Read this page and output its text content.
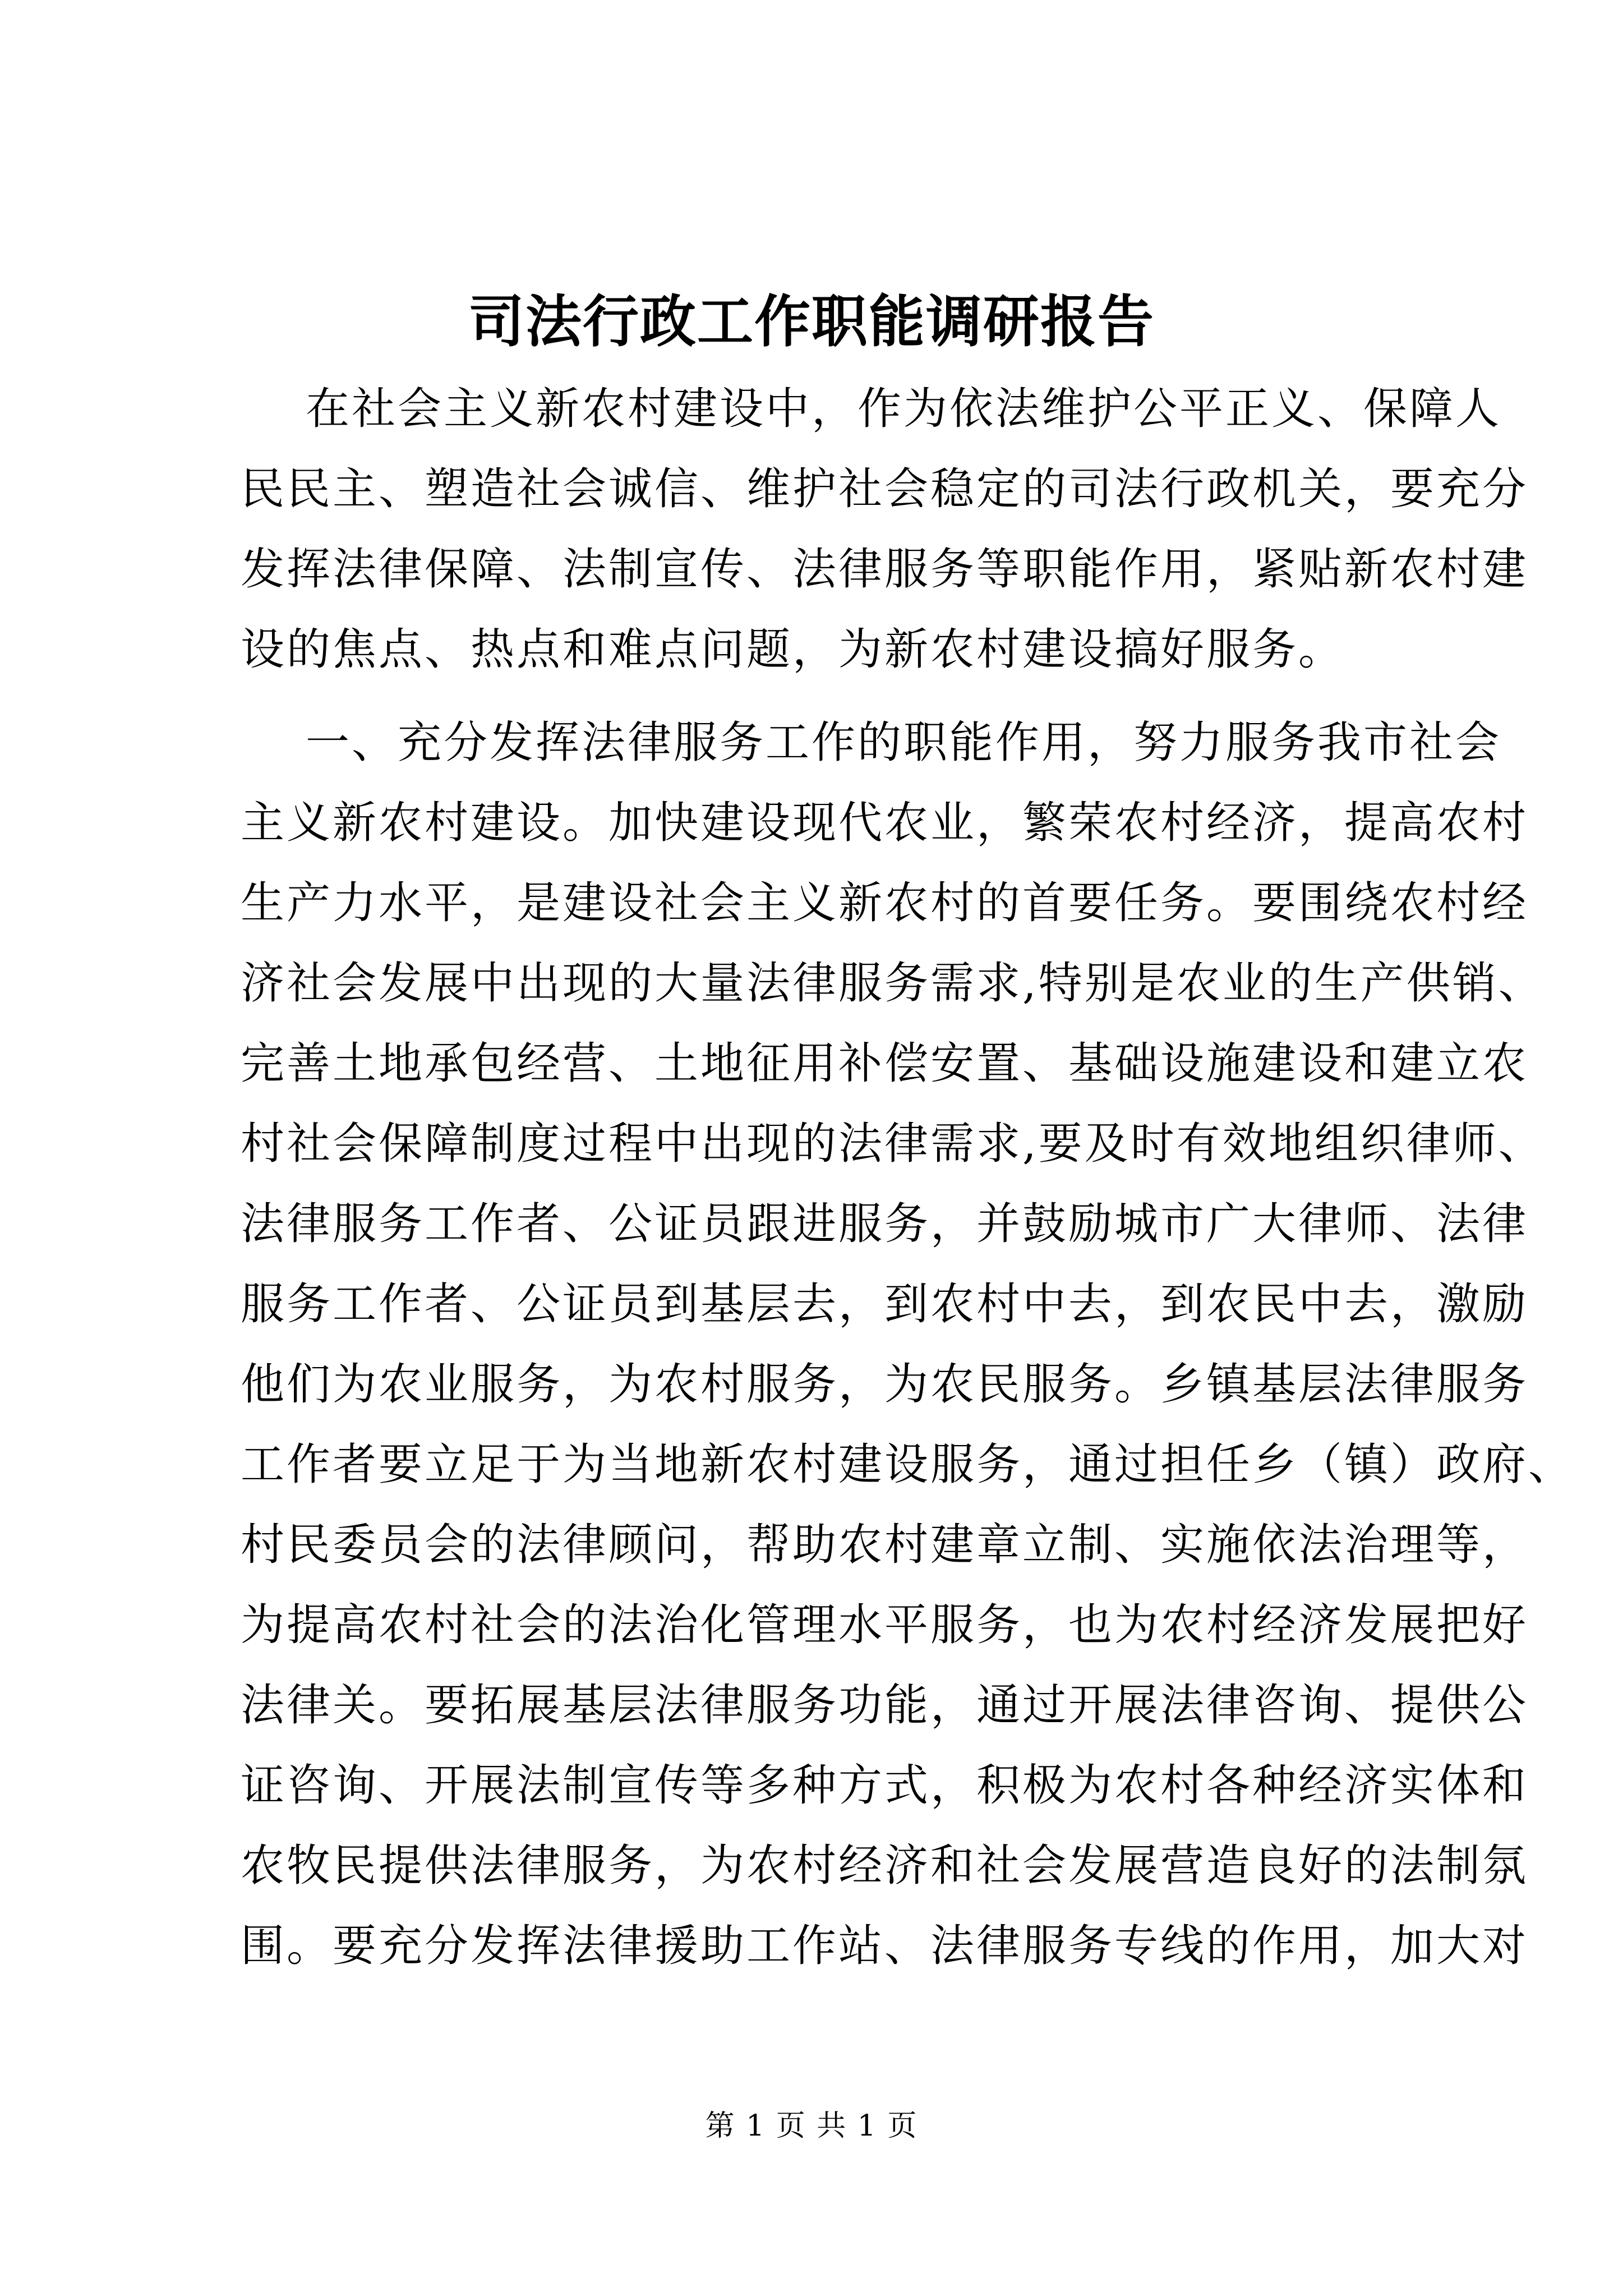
司法行政工作职能调研报告
在社会主义新农村建设中，作为依法维护公平正义、保障人
民民主、塑造社会诚信、维护社会稳定的司法行政机关，要充分
发挥法律保障、法制宣传、法律服务等职能作用，紧贴新农村建
设的焦点、热点和难点问题，为新农村建设搞好服务。
一、充分发挥法律服务工作的职能作用，努力服务我市社会
主义新农村建设。加快建设现代农业，繁荣农村经济，提高农村
生产力水平，是建设社会主义新农村的首要任务。要围绕农村经
济社会发展中出现的大量法律服务需求,特别是农业的生产供销、
完善土地承包经营、土地征用补偿安置、基础设施建设和建立农
村社会保障制度过程中出现的法律需求,要及时有效地组织律师、
法律服务工作者、公证员跟进服务，并鼓励城市广大律师、法律
服务工作者、公证员到基层去，到农村中去，到农民中去，激励
他们为农业服务，为农村服务，为农民服务。乡镇基层法律服务
工作者要立足于为当地新农村建设服务，通过担任乡（镇）政府、
村民委员会的法律顾问，帮助农村建章立制、实施依法治理等，
为提高农村社会的法治化管理水平服务，也为农村经济发展把好
法律关。要拓展基层法律服务功能，通过开展法律咨询、提供公
证咨询、开展法制宣传等多种方式，积极为农村各种经济实体和
农牧民提供法律服务，为农村经济和社会发展营造良好的法制氛
围。要充分发挥法律援助工作站、法律服务专线的作用，加大对
第 1 页 共 1 页
